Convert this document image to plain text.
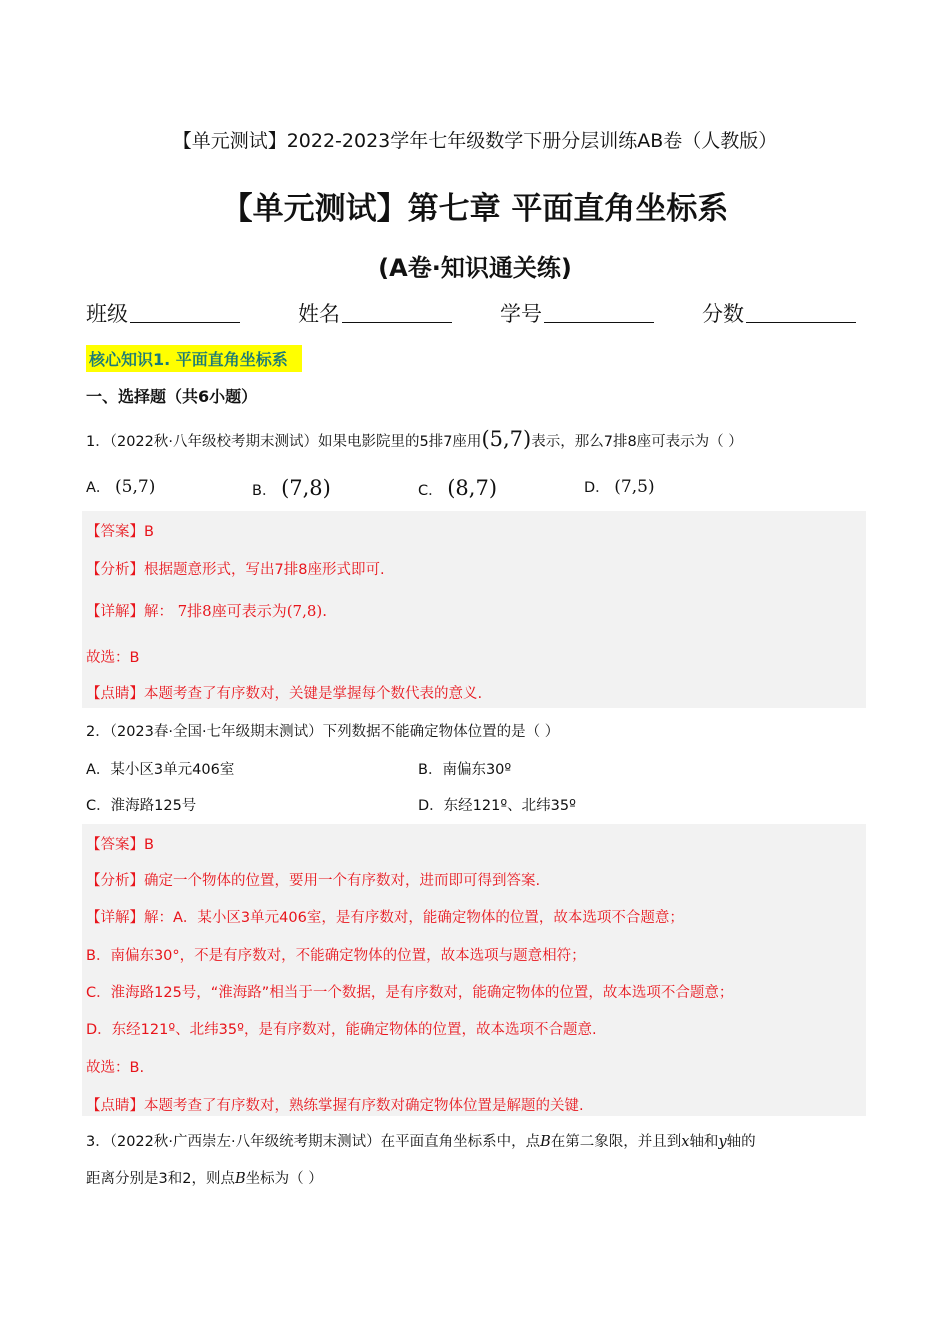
【单元测试】2022-2023学年七年级数学下册分层训练AB卷（人教版）
【单元测试】第七章 平面直角坐标系
(A卷·知识通关练)
班级	姓名	学号	分数
核心知识1. 平面直角坐标系
一、选择题（共6小题）
1．（2022秋·八年级校考期末测试）如果电影院里的5排7座用(5,7)表示，那么7排8座可表示为（ ）
A． (5,7)	B． (7,8)	C． (8,7)	D． (7,5)
【答案】B
【分析】根据题意形式，写出7排8座形式即可.
【详解】解： 7排8座可表示为(7,8).
故选：B
【点睛】本题考查了有序数对，关键是掌握每个数代表的意义.
2．（2023春·全国·七年级期末测试）下列数据不能确定物体位置的是（ ）
A．某小区3单元406室	B．南偏东30º
C．淮海路125号	D．东经121º、北纬35º
【答案】B
【分析】确定一个物体的位置，要用一个有序数对，进而即可得到答案.
【详解】解：A．某小区3单元406室，是有序数对，能确定物体的位置，故本选项不合题意；
B．南偏东30°，不是有序数对，不能确定物体的位置，故本选项与题意相符；
C．淮海路125号，“淮海路”相当于一个数据，是有序数对，能确定物体的位置，故本选项不合题意；
D．东经121º、北纬35º，是有序数对，能确定物体的位置，故本选项不合题意.
故选：B.
【点睛】本题考查了有序数对，熟练掌握有序数对确定物体位置是解题的关键.
3．（2022秋·广西崇左·八年级统考期末测试）在平面直角坐标系中，点B在第二象限，并且到x轴和y轴的
距离分别是3和2，则点B坐标为（ ）
